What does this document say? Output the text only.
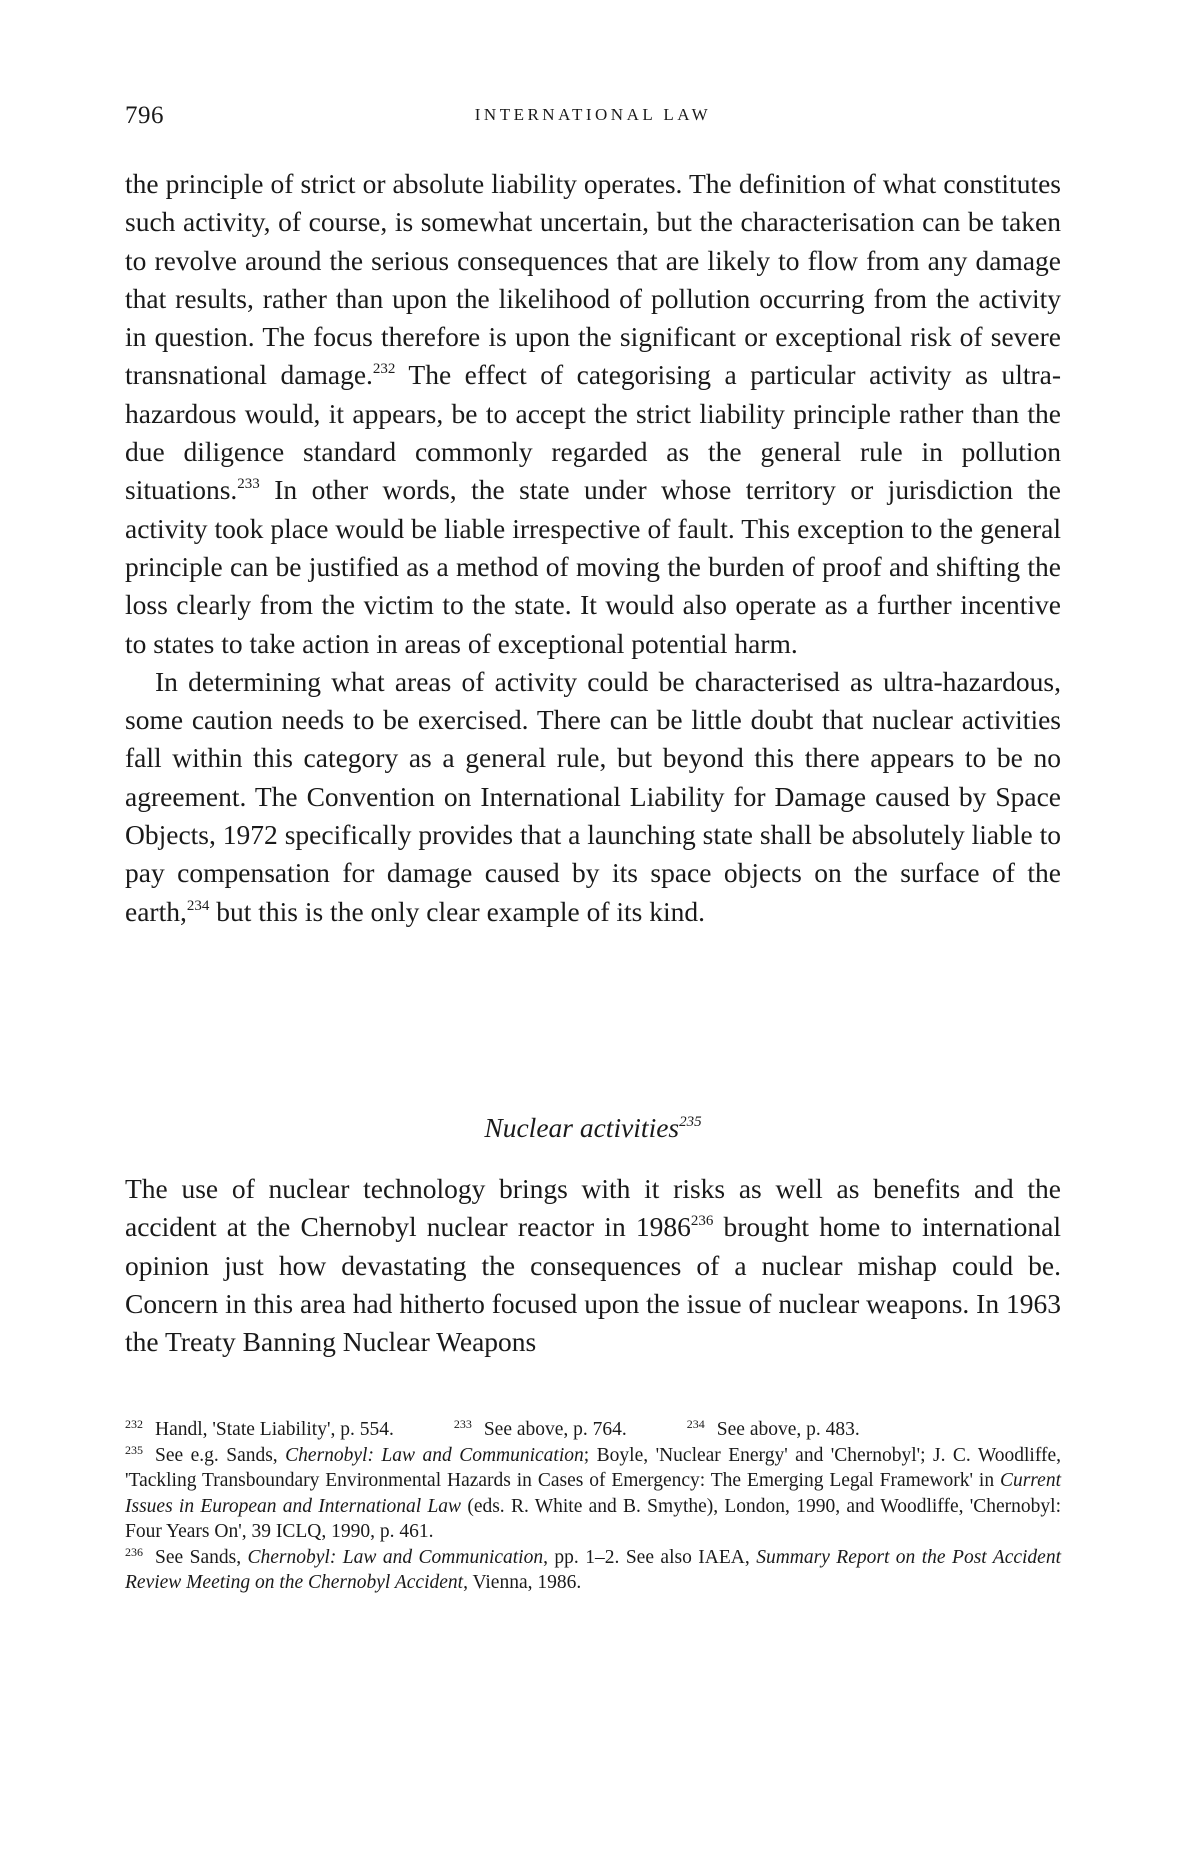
796	INTERNATIONAL LAW

the principle of strict or absolute liability operates. The definition of what constitutes such activity, of course, is somewhat uncertain, but the characterisation can be taken to revolve around the serious consequences that are likely to flow from any damage that results, rather than upon the likelihood of pollution occurring from the activity in question. The focus therefore is upon the significant or exceptional risk of severe transnational damage.$^{232}$ The effect of categorising a particular activity as ultra-hazardous would, it appears, be to accept the strict liability principle rather than the due diligence standard commonly regarded as the general rule in pollution situations.$^{233}$ In other words, the state under whose territory or jurisdiction the activity took place would be liable irrespective of fault. This exception to the general principle can be justified as a method of moving the burden of proof and shifting the loss clearly from the victim to the state. It would also operate as a further incentive to states to take action in areas of exceptional potential harm.

In determining what areas of activity could be characterised as ultra-hazardous, some caution needs to be exercised. There can be little doubt that nuclear activities fall within this category as a general rule, but beyond this there appears to be no agreement. The Convention on International Liability for Damage caused by Space Objects, 1972 specifically provides that a launching state shall be absolutely liable to pay compensation for damage caused by its space objects on the surface of the earth,$^{234}$ but this is the only clear example of its kind.

Nuclear activities$^{235}$

The use of nuclear technology brings with it risks as well as benefits and the accident at the Chernobyl nuclear reactor in 1986$^{236}$ brought home to international opinion just how devastating the consequences of a nuclear mishap could be. Concern in this area had hitherto focused upon the issue of nuclear weapons. In 1963 the Treaty Banning Nuclear Weapons

$^{232}$ Handl, 'State Liability', p. 554.	$^{233}$ See above, p. 764.	$^{234}$ See above, p. 483.

$^{235}$ See e.g. Sands, Chernobyl: Law and Communication; Boyle, 'Nuclear Energy' and 'Chernobyl'; J. C. Woodliffe, 'Tackling Transboundary Environmental Hazards in Cases of Emergency: The Emerging Legal Framework' in Current Issues in European and International Law (eds. R. White and B. Smythe), London, 1990, and Woodliffe, 'Chernobyl: Four Years On', 39 ICLQ, 1990, p. 461.

$^{236}$ See Sands, Chernobyl: Law and Communication, pp. 1–2. See also IAEA, Summary Report on the Post Accident Review Meeting on the Chernobyl Accident, Vienna, 1986.
